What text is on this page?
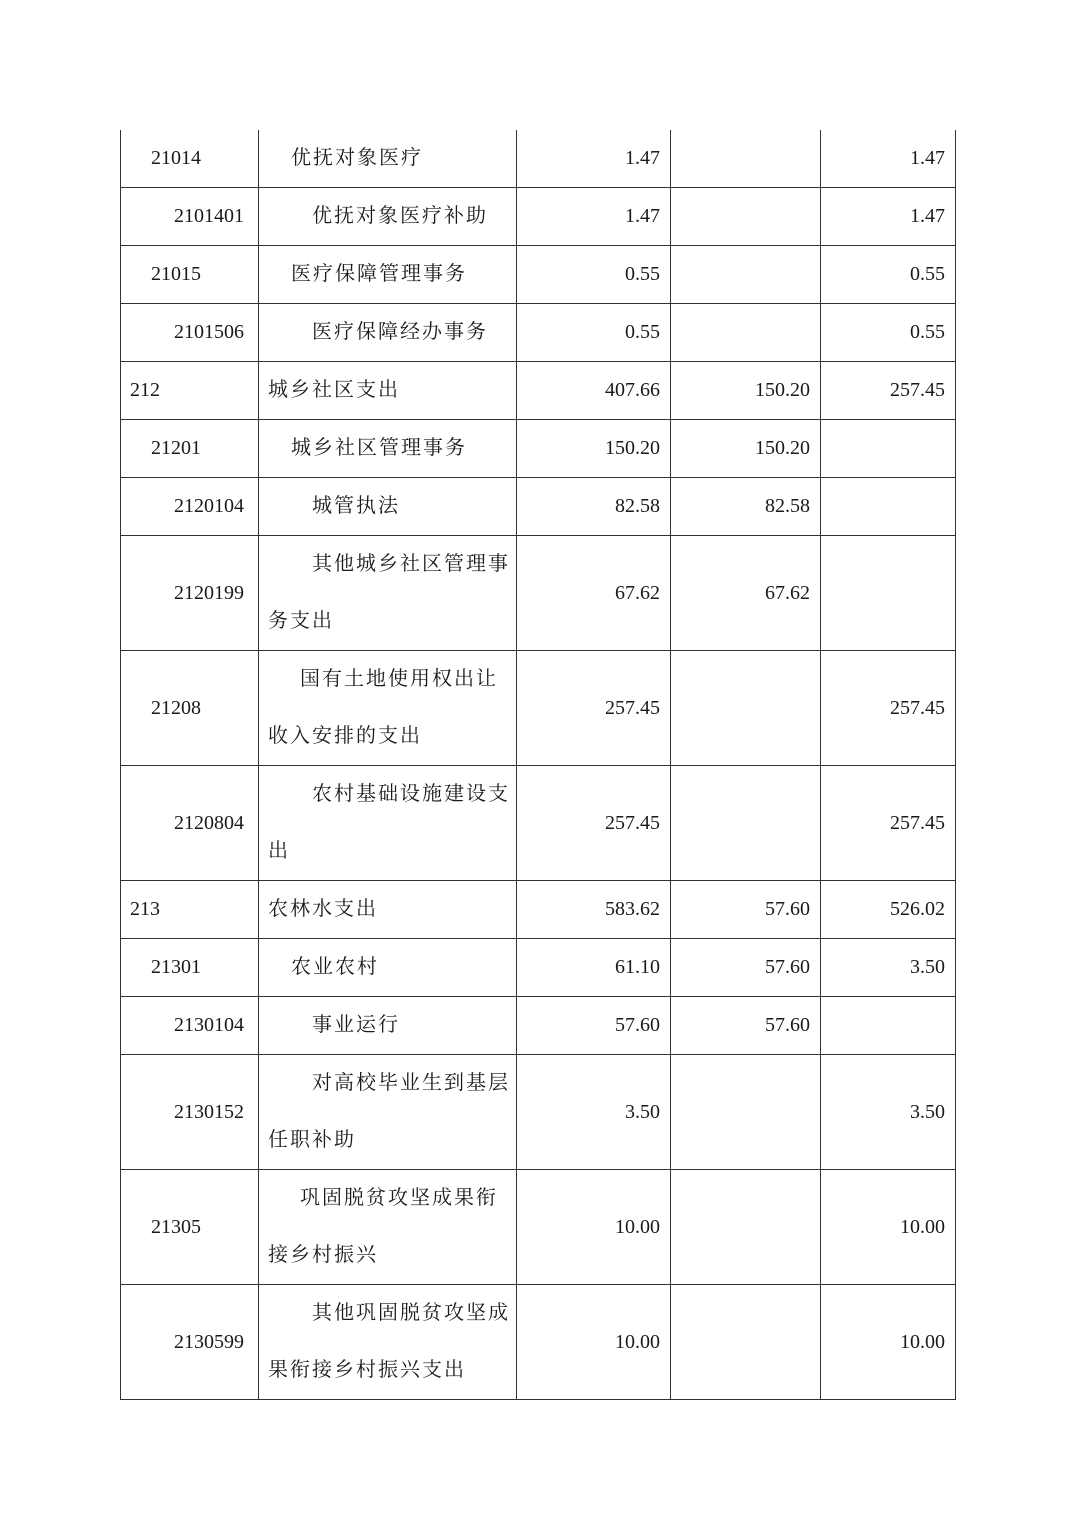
21014	优抚对象医疗	1.47		1.47
2101401	优抚对象医疗补助	1.47		1.47
21015	医疗保障管理事务	0.55		0.55
2101506	医疗保障经办事务	0.55		0.55
212	城乡社区支出	407.66	150.20	257.45
21201	城乡社区管理事务	150.20	150.20	
2120104	城管执法	82.58	82.58	
2120199	其他城乡社区管理事务支出	67.62	67.62	
21208	国有土地使用权出让收入安排的支出	257.45		257.45
2120804	农村基础设施建设支出	257.45		257.45
213	农林水支出	583.62	57.60	526.02
21301	农业农村	61.10	57.60	3.50
2130104	事业运行	57.60	57.60	
2130152	对高校毕业生到基层任职补助	3.50		3.50
21305	巩固脱贫攻坚成果衔接乡村振兴	10.00		10.00
2130599	其他巩固脱贫攻坚成果衔接乡村振兴支出	10.00		10.00
